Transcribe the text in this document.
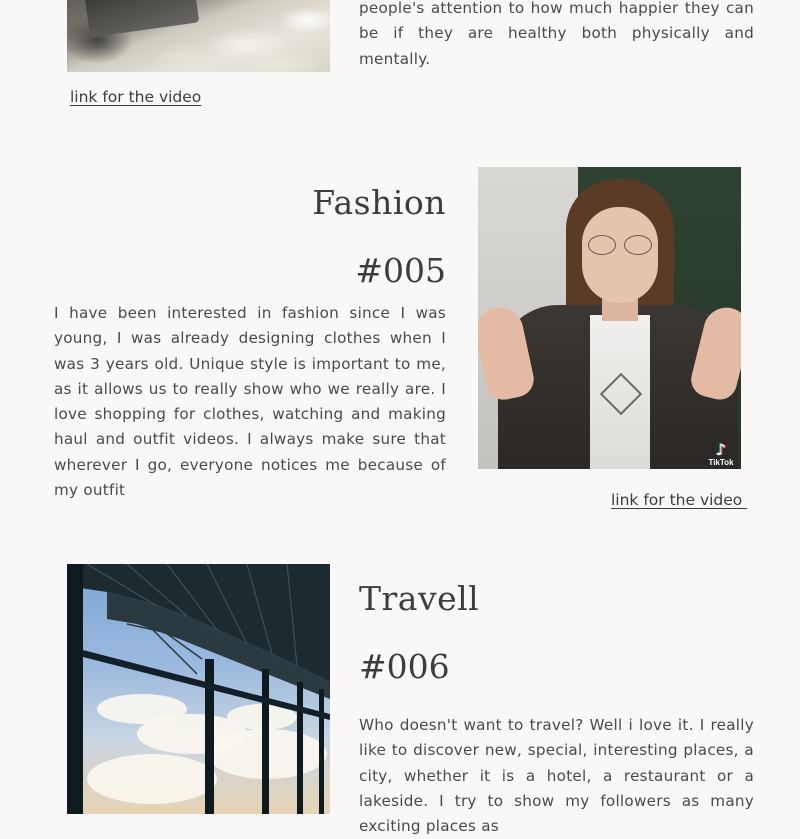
people's attention to how much happier they can be if they are healthy both physically and mentally.

link for the video
Fashion
#005

I have been interested in fashion since I was young, I was already designing clothes when I was 3 years old. Unique style is important to me, as it allows us to really show who we really are. I love shopping for clothes, watching and making haul and outfit videos. I always make sure that wherever I go, everyone notices me because of my outfit

♪
TikTok
link for the video
Travell
#006

Who doesn't want to travel? Well i love it. I really like to discover new, special, interesting places, a city, whether it is a hotel, a restaurant or a lakeside. I try to show my followers as many exciting places as
